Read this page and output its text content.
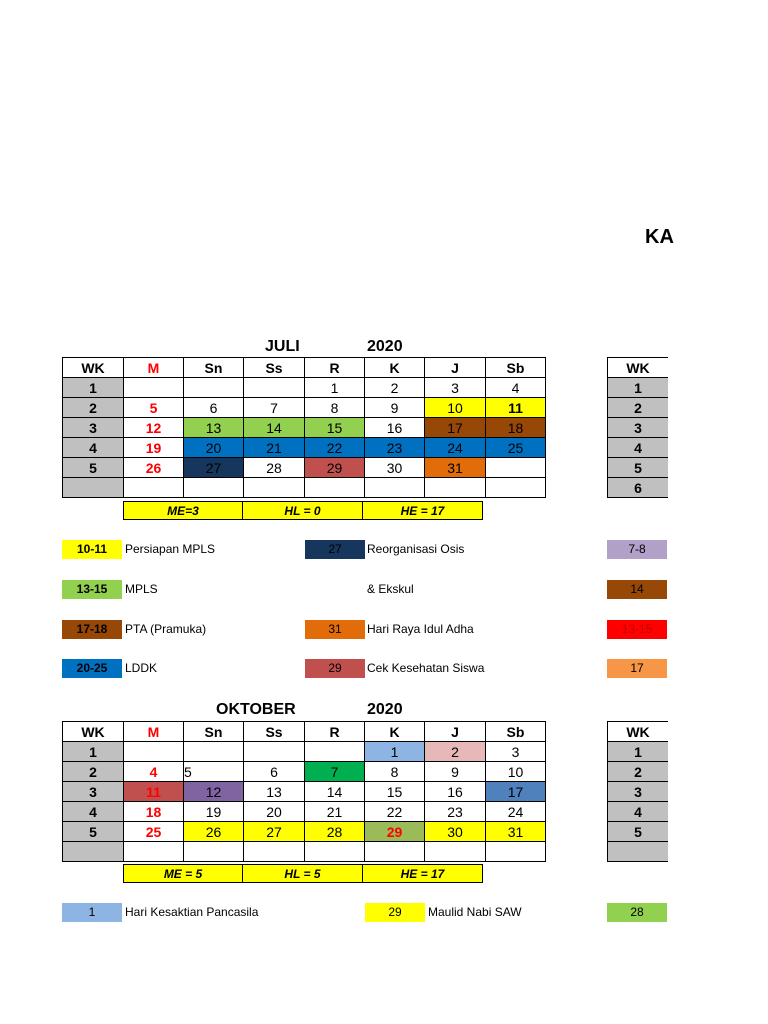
KA
JULI	2020
WK	M	Sn	Ss	R	K	J	Sb
1				1	2	3	4
2	5	6	7	8	9	10	11
3	12	13	14	15	16	17	18
4	19	20	21	22	23	24	25
5	26	27	28	29	30	31	

ME=3	HL = 0	HE = 17
10-11	Persiapan MPLS
13-15	MPLS
17-18	PTA (Pramuka)
20-25	LDDK
27	Reorganisasi Osis
& Ekskul
31	Hari Raya Idul Adha
29	Cek Kesehatan Siswa
WK
1
2
3
4
5
6
7-8
14
13-15
17
OKTOBER	2020
WK	M	Sn	Ss	R	K	J	Sb
1					1	2	3
2	4	5	6	7	8	9	10
3	11	12	13	14	15	16	17
4	18	19	20	21	22	23	24
5	25	26	27	28	29	30	31

ME = 5	HL = 5	HE = 17
1	Hari Kesaktian Pancasila	29	Maulid Nabi SAW
WK
1
2
3
4
5

28
